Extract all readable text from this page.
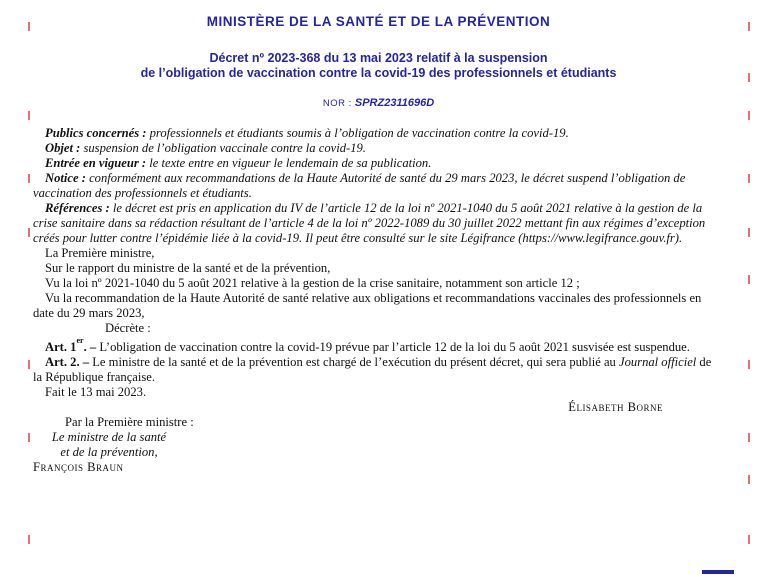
MINISTÈRE DE LA SANTÉ ET DE LA PRÉVENTION
Décret nº 2023-368 du 13 mai 2023 relatif à la suspension
de l’obligation de vaccination contre la covid-19 des professionnels et étudiants
NOR : SPRZ2311696D

Publics concernés : professionnels et étudiants soumis à l’obligation de vaccination contre la covid-19.

Objet : suspension de l’obligation vaccinale contre la covid-19.

Entrée en vigueur : le texte entre en vigueur le lendemain de sa publication.

Notice : conformément aux recommandations de la Haute Autorité de santé du 29 mars 2023, le décret suspend l’obligation de vaccination des professionnels et étudiants.

Références : le décret est pris en application du IV de l’article 12 de la loi nº 2021-1040 du 5 août 2021 relative à la gestion de la crise sanitaire dans sa rédaction résultant de l’article 4 de la loi nº 2022-1089 du 30 juillet 2022 mettant fin aux régimes d’exception créés pour lutter contre l’épidémie liée à la covid-19. Il peut être consulté sur le site Légifrance (https://www.legifrance.gouv.fr).

La Première ministre,

Sur le rapport du ministre de la santé et de la prévention,

Vu la loi nº 2021-1040 du 5 août 2021 relative à la gestion de la crise sanitaire, notamment son article 12 ;

Vu la recommandation de la Haute Autorité de santé relative aux obligations et recommandations vaccinales des professionnels en date du 29 mars 2023,

Décrète :

Art. 1er. – L’obligation de vaccination contre la covid-19 prévue par l’article 12 de la loi du 5 août 2021 susvisée est suspendue.

Art. 2. – Le ministre de la santé et de la prévention est chargé de l’exécution du présent décret, qui sera publié au Journal officiel de la République française.

Fait le 13 mai 2023.

Élisabeth Borne

Par la Première ministre :

Le ministre de la santé
et de la prévention,

François Braun
